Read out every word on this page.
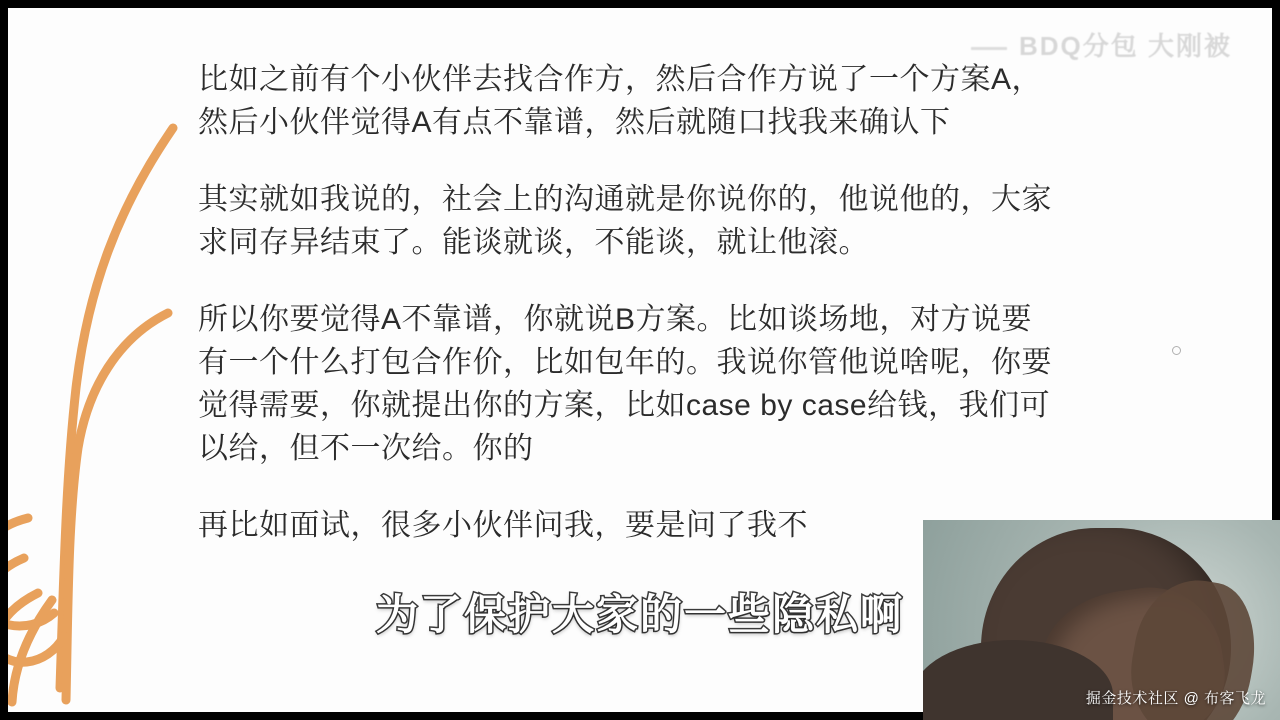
BDQ分包 大刚被

比如之前有个小伙伴去找合作方，然后合作方说了一个方案A，然后小伙伴觉得A有点不靠谱，然后就随口找我来确认下

其实就如我说的，社会上的沟通就是你说你的，他说他的，大家求同存异结束了。能谈就谈，不能谈，就让他滚。

所以你要觉得A不靠谱，你就说B方案。比如谈场地，对方说要有一个什么打包合作价，比如包年的。我说你管他说啥呢，你要觉得需要，你就提出你的方案，比如case by case给钱，我们可以给，但不一次给。你的

再比如面试，很多小伙伴问我，要是问了我不

为了保护大家的一些隐私啊
掘金技术社区 @ 布客飞龙
